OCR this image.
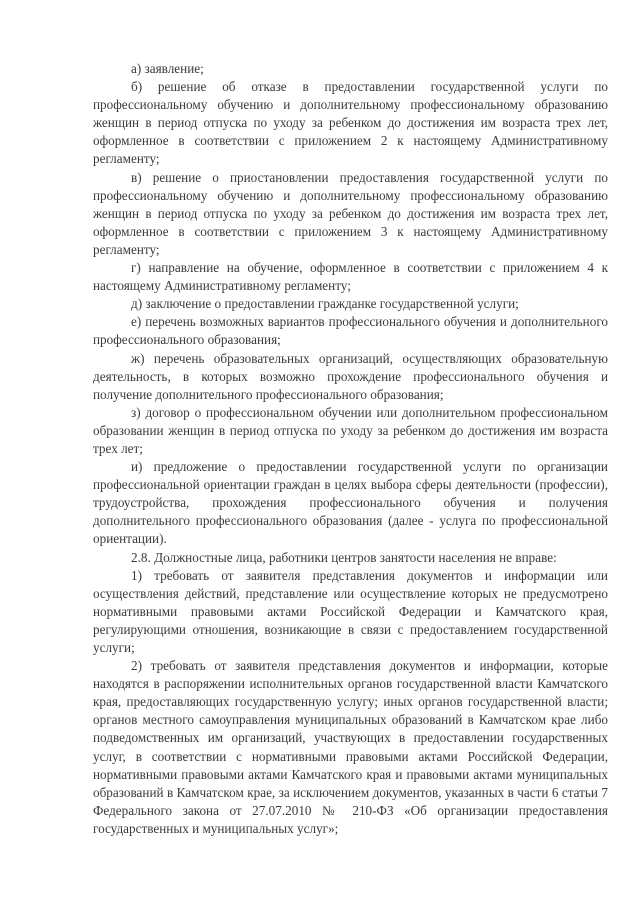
а) заявление;

б) решение об отказе в предоставлении государственной услуги по профессиональному обучению и дополнительному профессиональному образованию женщин в период отпуска по уходу за ребенком до достижения им возраста трех лет, оформленное в соответствии с приложением 2 к настоящему Административному регламенту;

в) решение о приостановлении предоставления государственной услуги по профессиональному обучению и дополнительному профессиональному образованию женщин в период отпуска по уходу за ребенком до достижения им возраста трех лет, оформленное в соответствии с приложением 3 к настоящему Административному регламенту;

г) направление на обучение, оформленное в соответствии с приложением 4 к настоящему Административному регламенту;

д) заключение о предоставлении гражданке государственной услуги;

е) перечень возможных вариантов профессионального обучения и дополнительного профессионального образования;

ж) перечень образовательных организаций, осуществляющих образовательную деятельность, в которых возможно прохождение профессионального обучения и получение дополнительного профессионального образования;

з) договор о профессиональном обучении или дополнительном профессиональном образовании женщин в период отпуска по уходу за ребенком до достижения им возраста трех лет;

и) предложение о предоставлении государственной услуги по организации профессиональной ориентации граждан в целях выбора сферы деятельности (профессии), трудоустройства, прохождения профессионального обучения и получения дополнительного профессионального образования (далее - услуга по профессиональной ориентации).

2.8. Должностные лица, работники центров занятости населения не вправе:

1) требовать от заявителя представления документов и информации или осуществления действий, представление или осуществление которых не предусмотрено нормативными правовыми актами Российской Федерации и Камчатского края, регулирующими отношения, возникающие в связи с предоставлением государственной услуги;

2) требовать от заявителя представления документов и информации, которые находятся в распоряжении исполнительных органов государственной власти Камчатского края, предоставляющих государственную услугу; иных органов государственной власти; органов местного самоуправления муниципальных образований в Камчатском крае либо подведомственных им организаций, участвующих в предоставлении государственных услуг, в соответствии с нормативными правовыми актами Российской Федерации, нормативными правовыми актами Камчатского края и правовыми актами муниципальных образований в Камчатском крае, за исключением документов, указанных в части 6 статьи 7 Федерального закона от 27.07.2010 № 210-ФЗ «Об организации предоставления государственных и муниципальных услуг»;
